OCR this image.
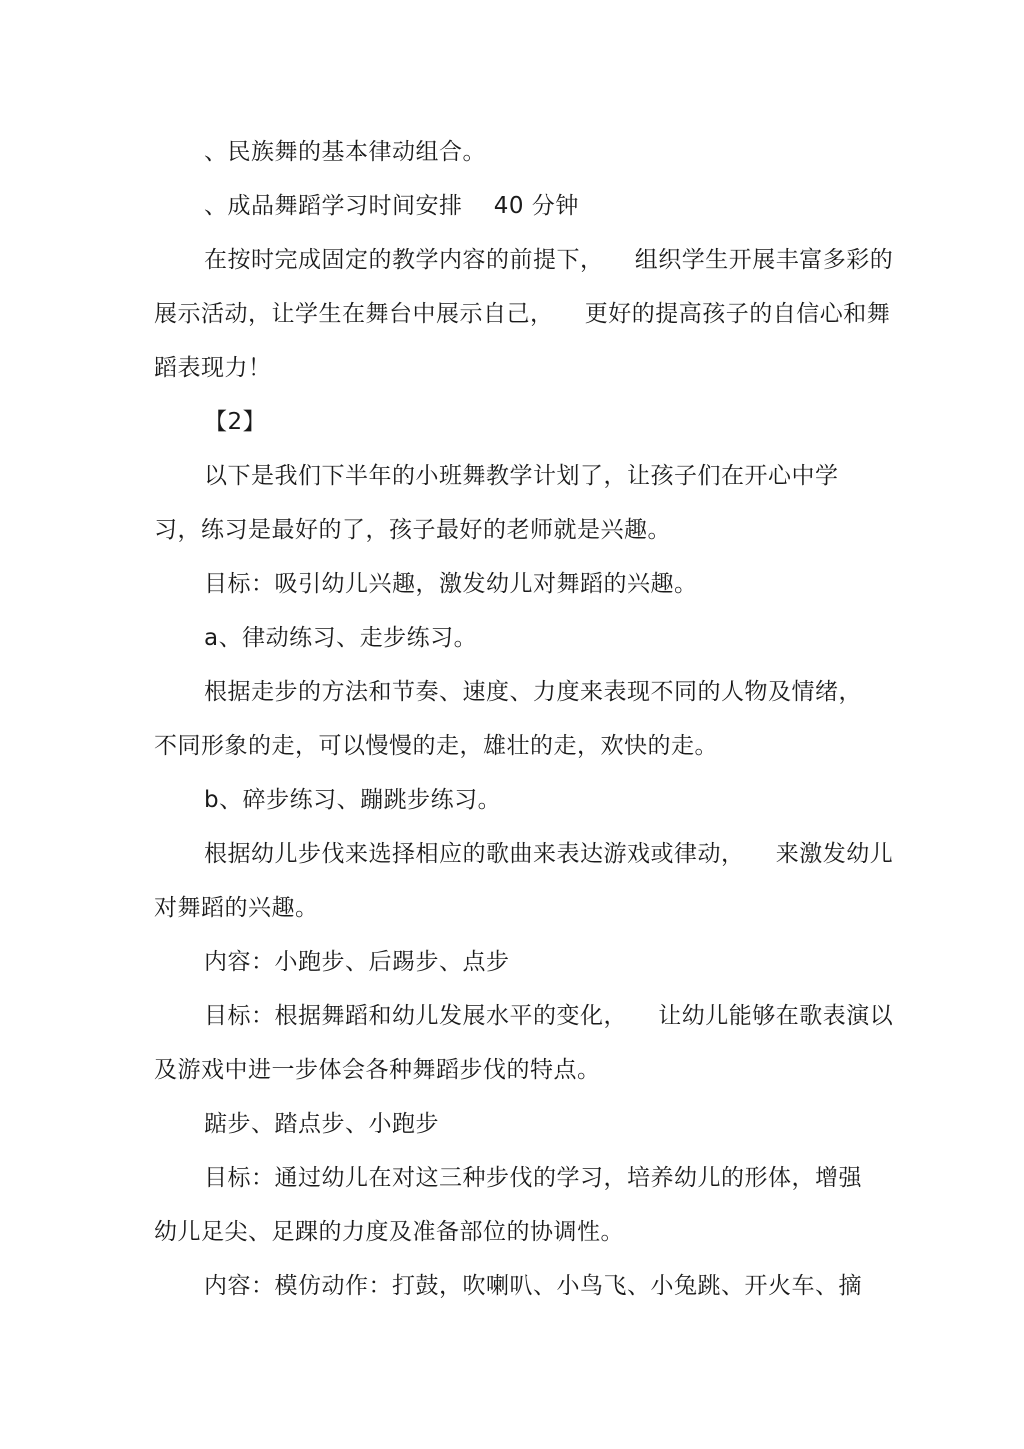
、民族舞的基本律动组合。
、成品舞蹈学习时间安排    40 分钟
在按时完成固定的教学内容的前提下，    组织学生开展丰富多彩的
展示活动，让学生在舞台中展示自己，    更好的提高孩子的自信心和舞
蹈表现力！
【2】
以下是我们下半年的小班舞教学计划了，让孩子们在开心中学
习，练习是最好的了，孩子最好的老师就是兴趣。
目标：吸引幼儿兴趣，激发幼儿对舞蹈的兴趣。
a、律动练习、走步练习。
根据走步的方法和节奏、速度、力度来表现不同的人物及情绪，
不同形象的走，可以慢慢的走，雄壮的走，欢快的走。
b、碎步练习、蹦跳步练习。
根据幼儿步伐来选择相应的歌曲来表达游戏或律动，    来激发幼儿
对舞蹈的兴趣。
内容：小跑步、后踢步、点步
目标：根据舞蹈和幼儿发展水平的变化，    让幼儿能够在歌表演以
及游戏中进一步体会各种舞蹈步伐的特点。
踮步、踏点步、小跑步
目标：通过幼儿在对这三种步伐的学习，培养幼儿的形体，增强
幼儿足尖、足踝的力度及准备部位的协调性。
内容：模仿动作：打鼓，吹喇叭、小鸟飞、小兔跳、开火车、摘
